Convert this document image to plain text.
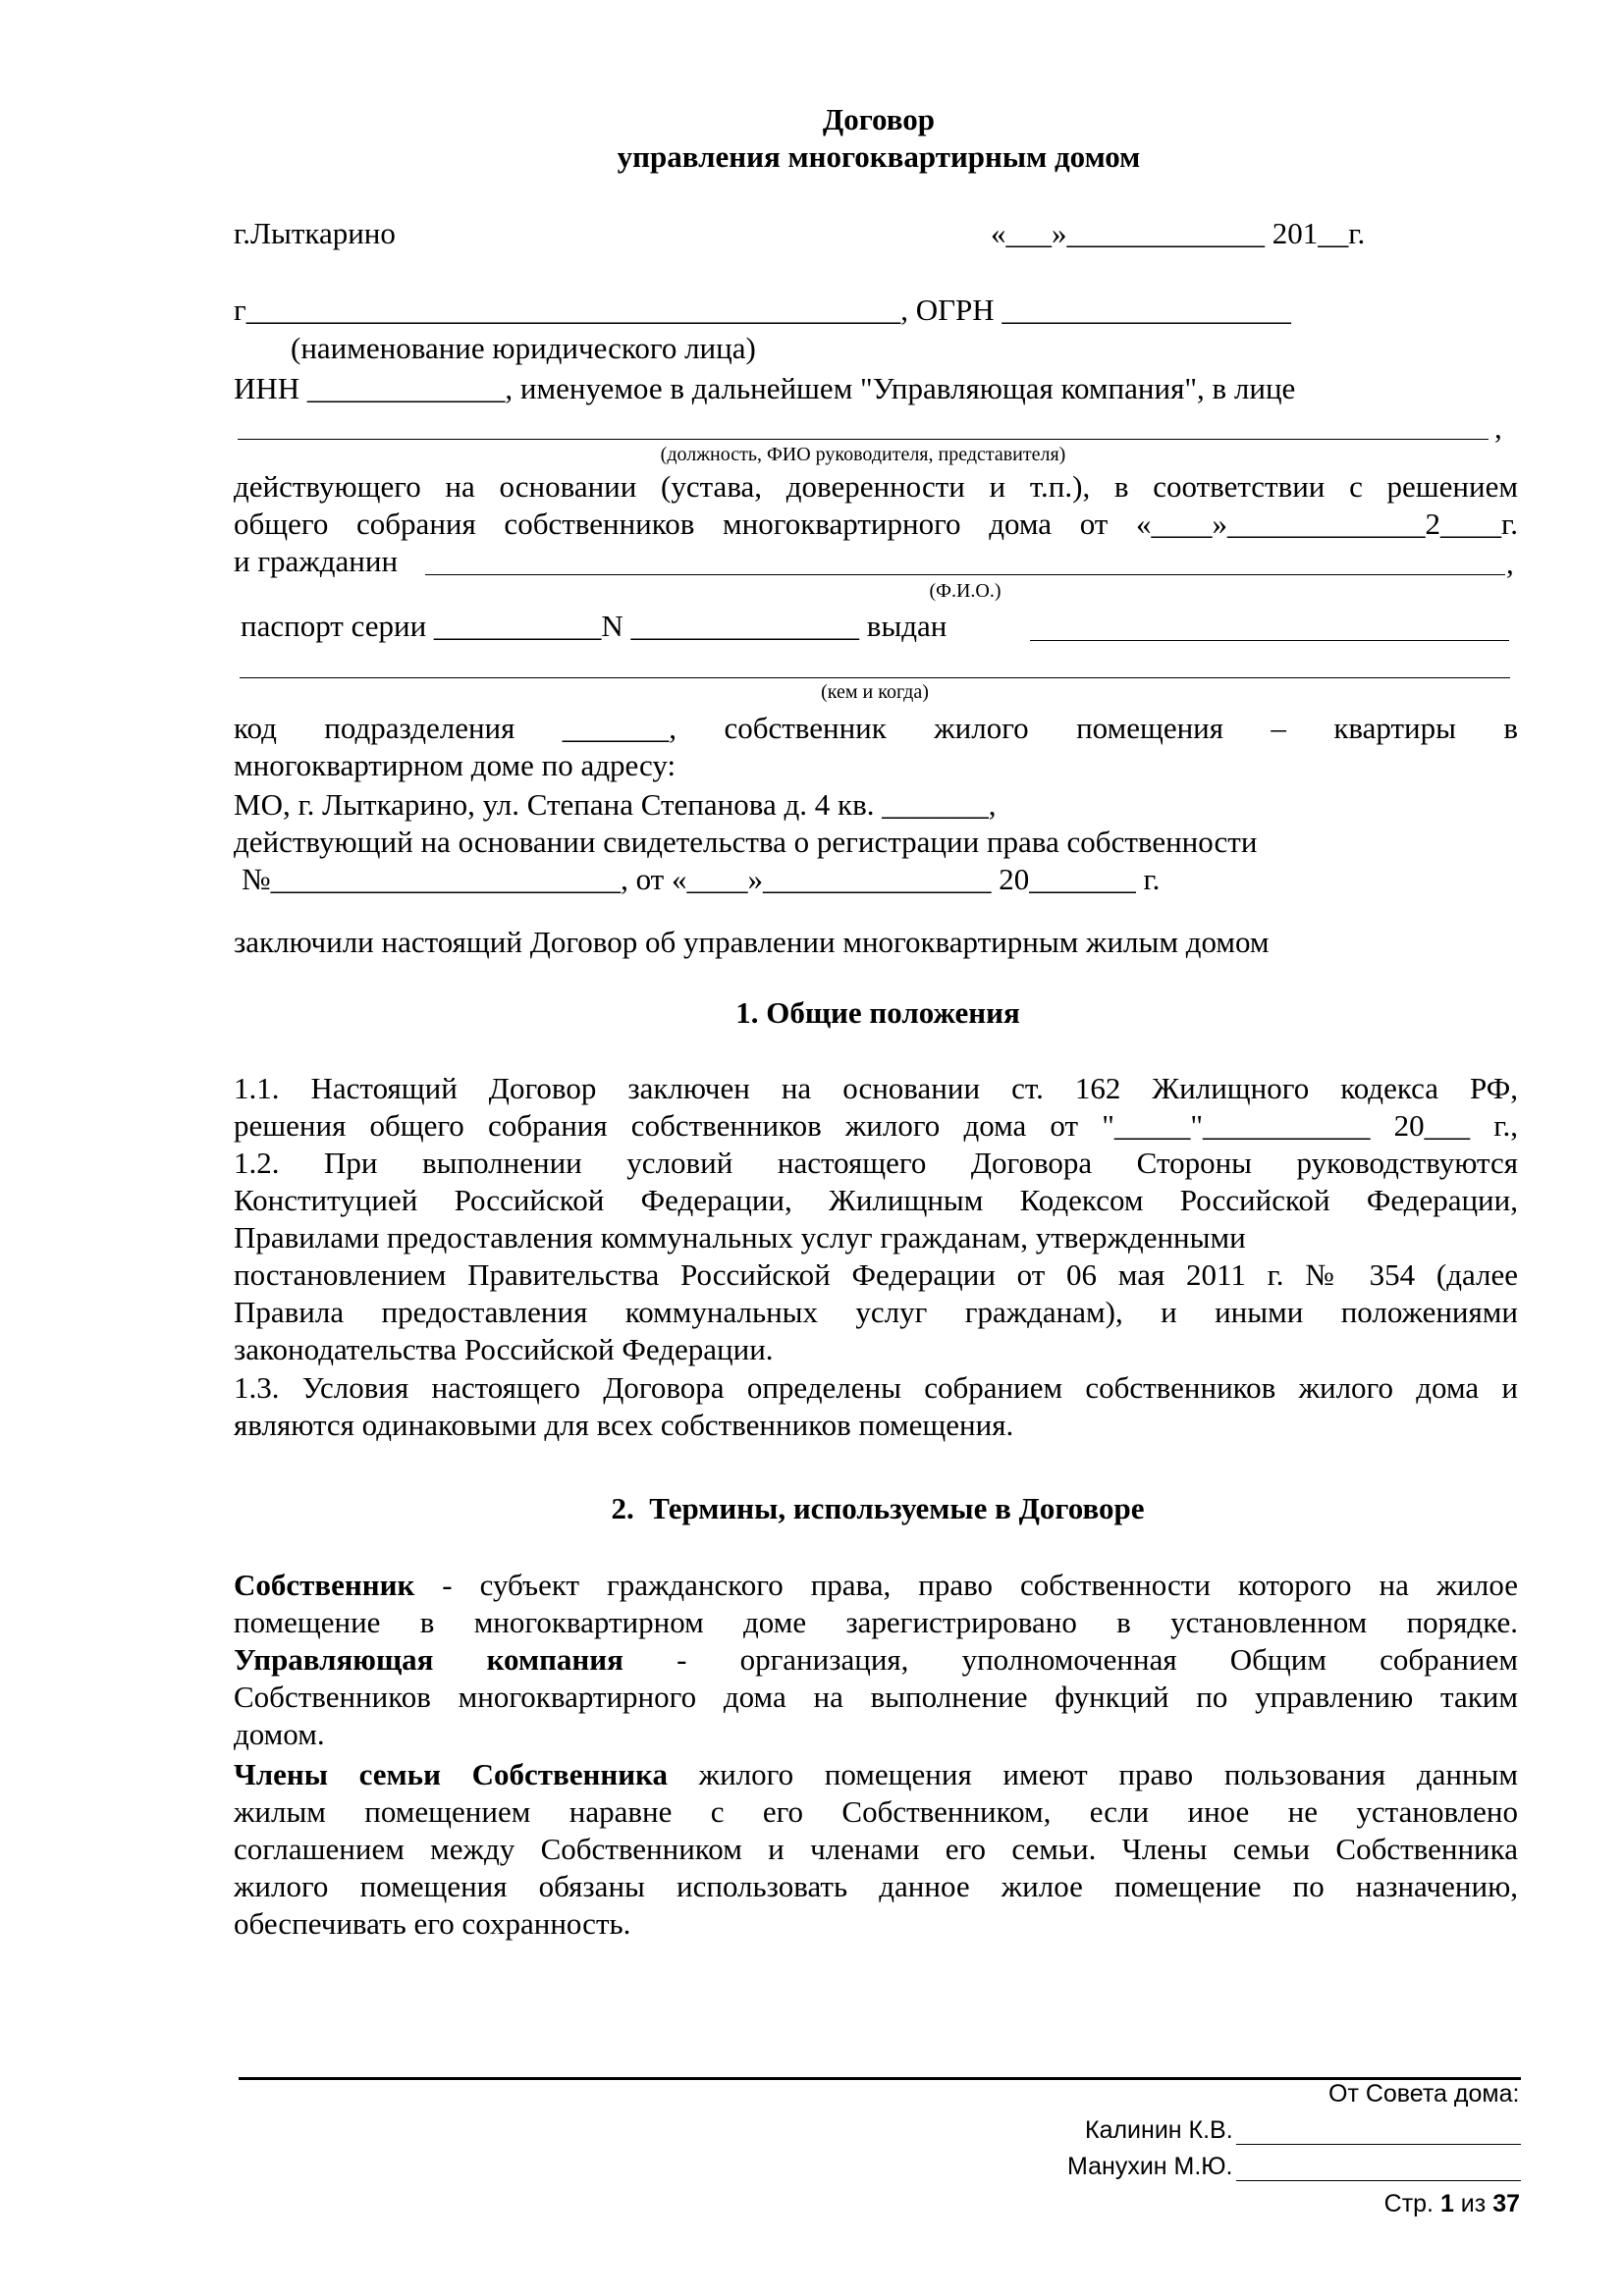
Договор
управления многоквартирным домом
г.Лыткарино	«___»_____________ 201__г.
г___________________________________________, ОГРН ___________________
(наименование юридического лица)
ИНН _____________, именуемое в дальнейшем "Управляющая компания", в лице
,
(должность, ФИО руководителя, представителя)
действующего на основании (устава, доверенности и т.п.), в соответствии с решением
общего собрания собственников многоквартирного дома от «____»_____________2____г.
и гражданин	,
(Ф.И.О.)
паспорт серии ___________N _______________ выдан
(кем и когда)
код подразделения _______, собственник жилого помещения – квартиры в
многоквартирном доме по адресу:
МО, г. Лыткарино, ул. Степана Степанова д. 4 кв. _______,
действующий на основании свидетельства о регистрации права собственности
№_______________________, от «____»_______________ 20_______ г.
заключили настоящий Договор об управлении многоквартирным жилым домом
1. Общие положения
1.1. Настоящий Договор заключен на основании ст. 162 Жилищного кодекса РФ,
решения общего собрания собственников жилого дома от "_____"___________ 20___ г.,
1.2. При выполнении условий настоящего Договора Стороны руководствуются
Конституцией Российской Федерации, Жилищным Кодексом Российской Федерации,
Правилами предоставления коммунальных услуг гражданам, утвержденными
постановлением Правительства Российской Федерации от 06 мая 2011 г. № 354 (далее
Правила предоставления коммунальных услуг гражданам), и иными положениями
законодательства Российской Федерации.
1.3. Условия настоящего Договора определены собранием собственников жилого дома и
являются одинаковыми для всех собственников помещения.
2.  Термины, используемые в Договоре
Собственник - субъект гражданского права, право собственности которого на жилое
помещение в многоквартирном доме зарегистрировано в установленном порядке.
Управляющая компания - организация, уполномоченная Общим собранием
Собственников многоквартирного дома на выполнение функций по управлению таким
домом.
Члены семьи Собственника жилого помещения имеют право пользования данным
жилым помещением наравне с его Собственником, если иное не установлено
соглашением между Собственником и членами его семьи. Члены семьи Собственника
жилого помещения обязаны использовать данное жилое помещение по назначению,
обеспечивать его сохранность.
От Совета дома:
Калинин К.В.
Манухин М.Ю.
Стр. 1 из 37
